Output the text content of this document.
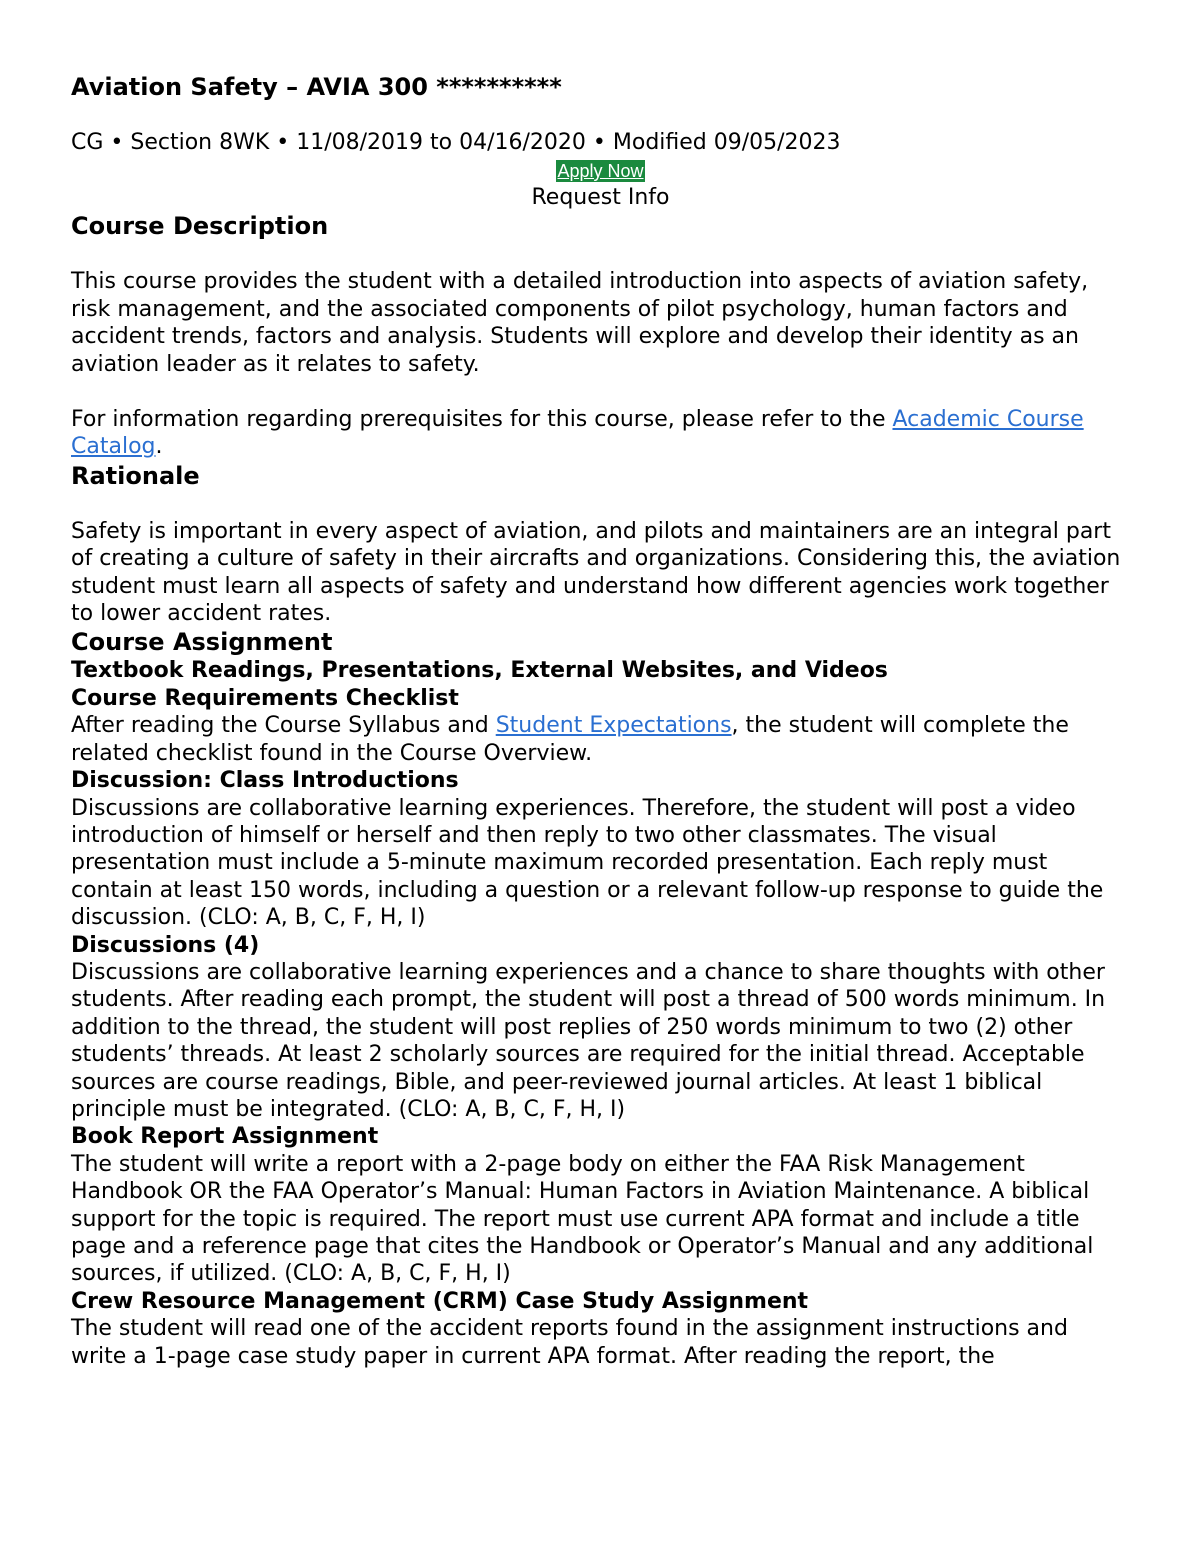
Aviation Safety – AVIA 300 **********
CG • Section 8WK • 11/08/2019 to 04/16/2020 • Modified 09/05/2023
Apply Now
Request Info
Course Description

This course provides the student with a detailed introduction into aspects of aviation safety, risk management, and the associated components of pilot psychology, human factors and accident trends, factors and analysis. Students will explore and develop their identity as an aviation leader as it relates to safety.

For information regarding prerequisites for this course, please refer to the Academic Course Catalog.

Rationale

Safety is important in every aspect of aviation, and pilots and maintainers are an integral part of creating a culture of safety in their aircrafts and organizations. Considering this, the aviation student must learn all aspects of safety and understand how different agencies work together to lower accident rates.

Course Assignment

Textbook Readings, Presentations, External Websites, and Videos

Course Requirements Checklist

After reading the Course Syllabus and Student Expectations, the student will complete the related checklist found in the Course Overview.

Discussion: Class Introductions

Discussions are collaborative learning experiences. Therefore, the student will post a video introduction of himself or herself and then reply to two other classmates. The visual presentation must include a 5-minute maximum recorded presentation. Each reply must contain at least 150 words, including a question or a relevant follow-up response to guide the discussion. (CLO: A, B, C, F, H, I)

Discussions (4)

Discussions are collaborative learning experiences and a chance to share thoughts with other students. After reading each prompt, the student will post a thread of 500 words minimum. In addition to the thread, the student will post replies of 250 words minimum to two (2) other students’ threads. At least 2 scholarly sources are required for the initial thread. Acceptable sources are course readings, Bible, and peer-reviewed journal articles. At least 1 biblical principle must be integrated. (CLO: A, B, C, F, H, I)

Book Report Assignment

The student will write a report with a 2-page body on either the FAA Risk Management Handbook OR the FAA Operator’s Manual: Human Factors in Aviation Maintenance. A biblical support for the topic is required. The report must use current APA format and include a title page and a reference page that cites the Handbook or Operator’s Manual and any additional sources, if utilized. (CLO: A, B, C, F, H, I)

Crew Resource Management (CRM) Case Study Assignment

The student will read one of the accident reports found in the assignment instructions and write a 1-page case study paper in current APA format. After reading the report, the
